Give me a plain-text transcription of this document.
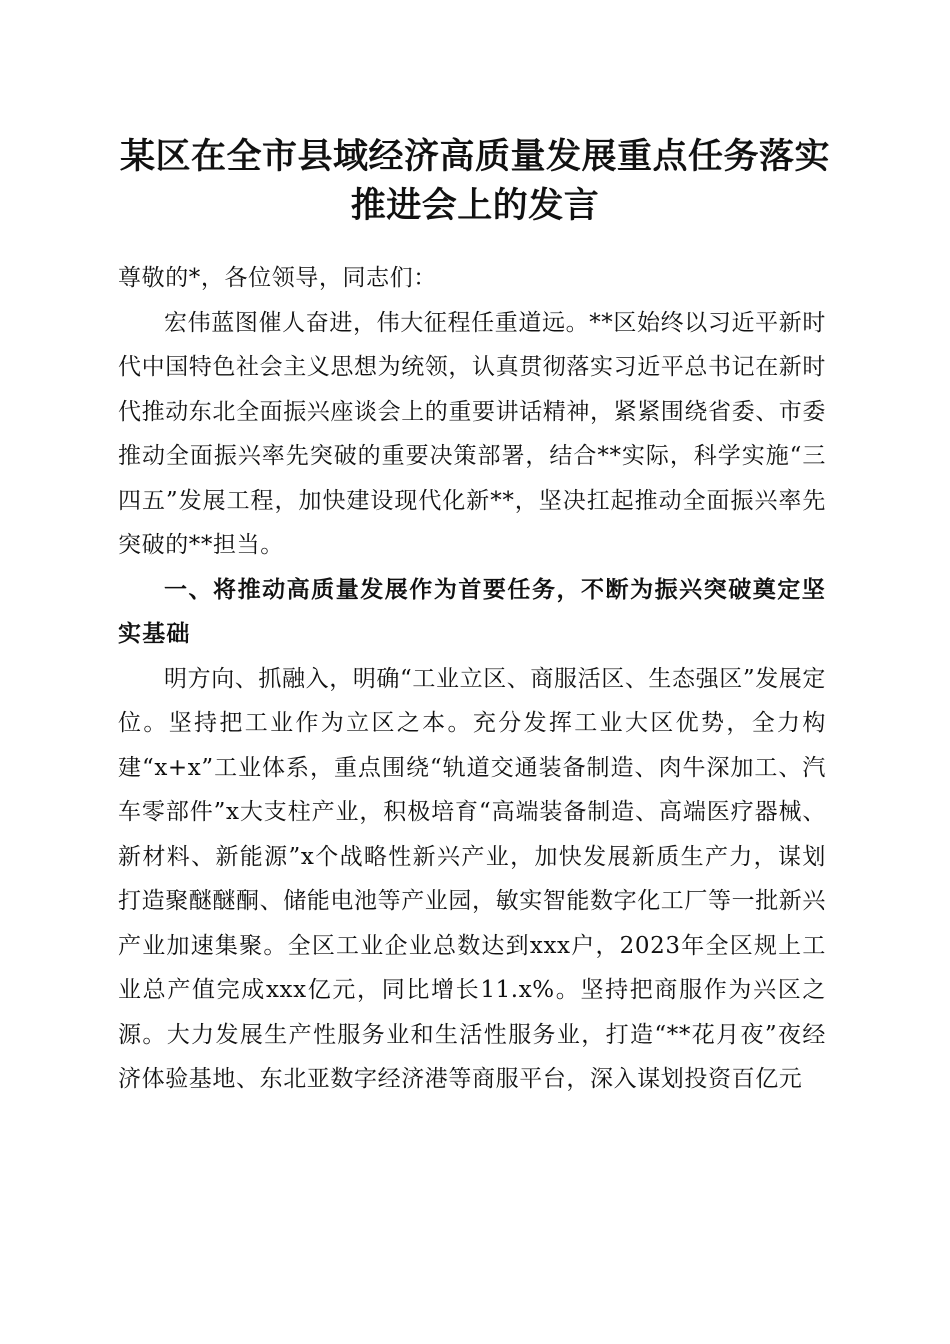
某区在全市县域经济高质量发展重点任务落实
推进会上的发言

尊敬的*，各位领导，同志们：

宏伟蓝图催人奋进，伟大征程任重道远。**区始终以习近平新时代中国特色社会主义思想为统领，认真贯彻落实习近平总书记在新时代推动东北全面振兴座谈会上的重要讲话精神，紧紧围绕省委、市委推动全面振兴率先突破的重要决策部署，结合**实际，科学实施“三四五”发展工程，加快建设现代化新**，坚决扛起推动全面振兴率先突破的**担当。

一、将推动高质量发展作为首要任务，不断为振兴突破奠定坚实基础

明方向、抓融入，明确“工业立区、商服活区、生态强区”发展定位。坚持把工业作为立区之本。充分发挥工业大区优势，全力构建“x+x”工业体系，重点围绕“轨道交通装备制造、肉牛深加工、汽车零部件”x大支柱产业，积极培育“高端装备制造、高端医疗器械、新材料、新能源”x个战略性新兴产业，加快发展新质生产力，谋划打造聚醚醚酮、储能电池等产业园，敏实智能数字化工厂等一批新兴产业加速集聚。全区工业企业总数达到xxx户，2023年全区规上工业总产值完成xxx亿元，同比增长11.x%。坚持把商服作为兴区之源。大力发展生产性服务业和生活性服务业，打造“**花月夜”夜经济体验基地、东北亚数字经济港等商服平台，深入谋划投资百亿元
